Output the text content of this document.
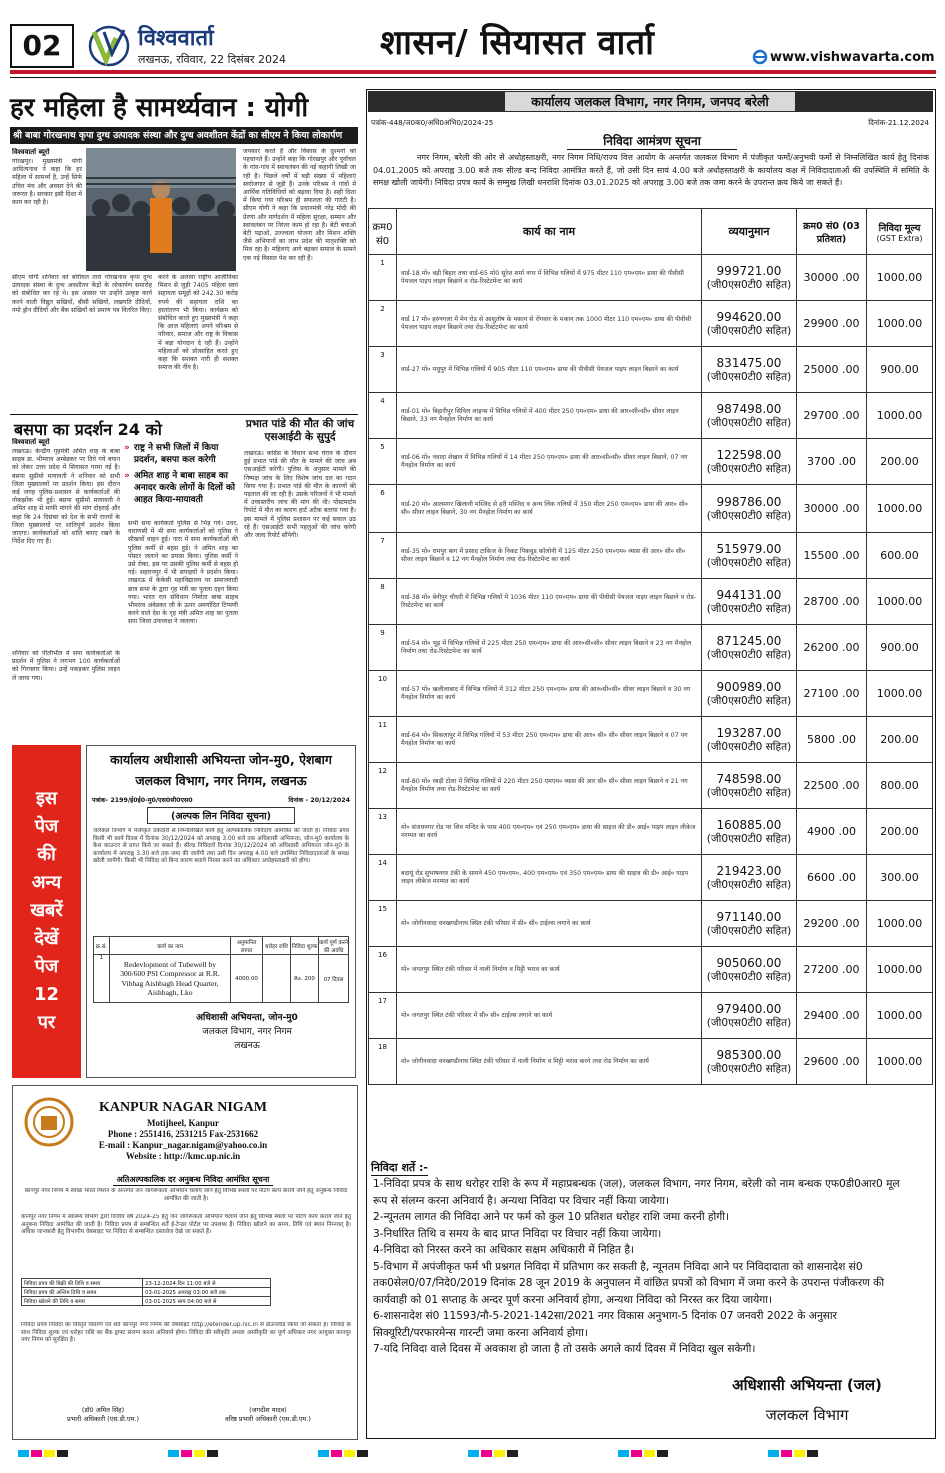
02	विश्ववार्ता
लखनऊ, रविवार, 22 दिसंबर 2024	शासन/ सियासत वार्ता	www.vishwavarta.com
हर महिला है सामर्थ्यवान : योगी
श्री बाबा गोरखनाथ कृपा दुग्ध उत्पादक संस्था और दुग्ध अवशीतन केंद्रों का सीएम ने किया लोकार्पण
विश्ववार्ता ब्यूरो
गोरखपुर। मुख्यमंत्री योगी आदित्यनाथ ने कहा कि हर महिला में सामर्थ्य है, उन्हें सिर्फ उचित मंच और अवसर देने की जरूरत है। सरकार इसी दिशा में काम कर रही है।
सीएम योगी शनिवार को बोरीयल तारा गोरखनाथ कृपा दुग्ध उत्पादक संस्था के दुग्ध अवशीतन केंद्रों के लोकार्पण समारोह को संबोधित कर रहे थे। इस अवसर पर उन्होंने उत्कृष्ट कार्य करने वाली विद्युत सखियों, बीसी सखियों, लखपति दीदियों, नमो ड्रोन दीदियों और बैंक सखियों को प्रमाण पत्र वितरित किए।
करने के अलावा राष्ट्रीय आजीविका मिशन से जुड़ी 7405 महिला स्वयं सहायता समूहों को 242.30 करोड़ रुपये की सहायता राशि का हस्तांतरण भी किया। कार्यक्रम को संबोधित करते हुए मुख्यमंत्री ने कहा कि आज महिलाएं अपने परिश्रम से परिवार, समाज और राष्ट्र के विकास में बड़ा योगदान दे रही हैं। उन्होंने महिलाओं को प्रोत्साहित करते हुए कहा कि सशक्त नारी ही सशक्त समाज की नींव है।
जयकार करते हैं और विकास के दुश्मनों को पहचानते हैं। उन्होंने कहा कि गोरखपुर और पूर्वांचल के गांव-गांव में स्वावलंबन की नई कहानी लिखी जा रही है। पिछले वर्षों में बड़ी संख्या में महिलाएं स्वरोजगार से जुड़ी हैं। उनके परिश्रम ने गांवों में आर्थिक गतिविधियों को बढ़ावा दिया है। सही दिशा में किया गया परिश्रम ही सफलता की गारंटी है। सीएम योगी ने कहा कि प्रधानमंत्री नरेंद्र मोदी की प्रेरणा और मार्गदर्शन में महिला सुरक्षा, सम्मान और स्वावलंबन पर निरंतर काम हो रहा है। बेटी बचाओ बेटी पढ़ाओ, उज्ज्वला योजना और मिशन शक्ति जैसे अभियानों का लाभ प्रदेश की मातृशक्ति को मिल रहा है। महिलाएं आगे बढ़कर समाज के सामने एक नई मिसाल पेश कर रही हैं।
बसपा का प्रदर्शन 24 को
» राष्ट्र ने सभी जिलों में किया प्रदर्शन, बसपा कल करेगी
» अमित शाह ने बाबा साहब का अनादर करके लोगों के दिलों को आहत किया-मायावती
विश्ववार्ता ब्यूरो
लखनऊ। केन्द्रीय गृहमंत्री अमित शाह के बाबा साहब डा. भीमराव अम्बेडकर पर दिये गये बयान को लेकर उत्तर प्रदेश में सियासत गरमा गई है। बसपा सुप्रीमो मायावती ने शनिवार को सभी जिला मुख्यालयों पर प्रदर्शन किया। इस दौरान कई जगह पुलिस-प्रशासन से कार्यकर्ताओं की नोकझोंक भी हुई। बसपा सुप्रीमो मायावती ने अमित शाह से माफी मांगने की मांग दोहराई और कहा कि 24 दिसंबर को देश के सभी राज्यों के जिला मुख्यालयों पर शांतिपूर्ण प्रदर्शन किया जाएगा। कार्यकर्ताओं को शांति बनाए रखने के निर्देश दिए गए हैं।
शनिवार को पीलीभीत में सपा कार्यकर्ताओं के प्रदर्शन में पुलिस ने लगभग 100 कार्यकर्ताओं को गिरफ्तार किया। उन्हें पकड़कर पुलिस लाइन ले जाया गया।
सभी सपा कार्यकर्ता पुलिस से भिड़ गये। उधर, वाराणसी में भी सपा कार्यकर्ताओं को पुलिस ने सीखचों वाहन हुई। नारा में सपा कार्यकर्ताओं की पुलिस कर्मी से बहस हुई। ने अमित शाह का पोस्टर जलाने का प्रयास किया। पुलिस कर्मी ने उसे रोका, इस पर उसकी पुलिस कर्मी से बहस हो गई। सहारनपुर में भी सपाइयों ने प्रदर्शन किया। लखनऊ में केकेसी महाविद्यालय पर समाजवादी छात्र सभा के द्वारा गृह मंत्री का पुतला दहन किया गया। भारत रत्न संविधान निर्माता बाबा साहब भीमराव अंबेडकर जी के ऊपर अमर्यादित टिप्पणी करने वाले देश के गृह मंत्री अमित शाह का पुतला सपा जिला उपाध्यक्ष ने जलाया।
प्रभात पांडे की मौत की जांच एसआईटी के सुपुर्द
लखनऊ। कांग्रेस के विधान सभा घेराव के दौरान हुई प्रभात पांडे की मौत के मामले की जांच अब एसआईटी करेगी। पुलिस के अनुसार मामले की निष्पक्ष जांच के लिए विशेष जांच दल का गठन किया गया है। प्रभात पांडे की मौत के कारणों की पड़ताल की जा रही है। उसके परिजनों ने भी मामले में उच्चस्तरीय जांच की मांग की थी। पोस्टमार्टम रिपोर्ट में मौत का कारण हार्ट अटैक बताया गया है। इस मामले में पुलिस प्रशासन पर कई सवाल उठ रहे हैं। एसआईटी सभी पहलुओं की जांच करेगी और जल्द रिपोर्ट सौंपेगी।
इस
पेज
की
अन्य
खबरें
देखें
पेज
12
पर
कार्यालय अधीशासी अभियन्ता जोन-मु0, ऐशबाग
जलकल विभाग, नगर निगम, लखनऊ
पत्रांक- 2199/ई0ई0-मु0/एस0सी0एस0	दिनांक - 20/12/2024
(अल्पक लिन निविदा सूचना)
जलकल विभाग में पंजीकृत ठेकेदारों से निम्नलिखित कार्य हेतु अल्पकालिक निविदायें आमंत्रित की जाती हैं। निविदा प्रपत्र किसी भी कार्य दिवस में दिनांक 30/12/2024 को अपराह्न 3.00 बजे तक अधिशासी अभियन्ता, जोन-मु0 कार्यालय के कैश काउन्टर से प्राप्त किये जा सकते हैं। सील्ड निविदायें दिनांक 30/12/2024 को अधिशासी अभियन्ता जोन-मु0 के कार्यालय में अपराह्न 3.30 बजे तक जमा की जायेंगी तथा उसी दिन अपराह्न 4.00 बजे उपस्थित निविदादाताओं के समक्ष खोली जायेंगी। किसी भी निविदा को बिना कारण बताये निरस्त करने का अधिकार अधोहस्ताक्षरी को होगा।
क्र.सं.	कार्य का नाम	अनुमानित लागत	धरोहर राशि	निविदा शुल्क	कार्य पूर्ण करने की अवधि
1	Redevlopment of Tubewell by 300/600 PSI Compressor at R.R. Vibhag Aishbagh Head Quarter, Aishbagh, Lko	4000.00		Rs. 200	07 दिवस
अधिशासी अभियन्ता, जोन-मु0
जलकल विभाग, नगर निगम
लखनऊ
KANPUR NAGAR NIGAM
Motijheel, Kanpur
Phone : 2551416, 2531215 Fax-2531662
E-mail : Kanpur_nagar.nigam@yahoo.co.in
Website : http://kmc.up.nic.in
अतिअल्पकालिक दर अनुबन्ध निविदा आमंत्रित सूचना
कानपुर नगर निगम में स्वच्छ भारत मिशन के अन्तर्गत जन जागरूकता अभियान चलाये जाने हेतु विभिन्न स्थलों पर पेंटिंग कार्य कराये जाने हेतु अनुबन्ध निविदा आमंत्रित की जाती है।
कानपुर नगर निगम में स्वास्थ्य विभाग द्वारा वित्तीय वर्ष 2024-25 हेतु जन जागरूकता अभियान चलाये जाने हेतु विभिन्न स्थलों पर पेंटिंग कार्य कराये जाने हेतु अनुबन्ध निविदा आमंत्रित की जाती है। निविदा प्रपत्र से सम्बन्धित शर्तें ई-टेन्डर पोर्टल पर उपलब्ध हैं। निविदा खोलने का समय, तिथि एवं स्थान निम्नवत् है। अधिक जानकारी हेतु विभागीय वेबसाइट पर निविदा से सम्बन्धित दस्तावेज देखे जा सकते हैं।
निविदा प्रपत्र की बिक्री की तिथि व समय	23-12-2024 दिन 11:00 बजे से
निविदा प्रपत्र की अन्तिम तिथि व समय	03-01-2025 अपराह्न 03:00 बजे तक
निविदा खोलने की तिथि व समय	03-01-2025 सायं 04:00 बजे से
निविदा प्रपत्र निविदा का विस्तृत विवरण एवं शर्तें कानपुर नगर निगम की वेबसाइट http://etender.up.nic.in से डाउनलोड किया जा सकता है। निविदा के साथ निविदा शुल्क एवं धरोहर राशि का बैंक ड्राफ्ट संलग्न करना अनिवार्य होगा। निविदा की स्वीकृति अथवा अस्वीकृति का पूर्ण अधिकार नगर आयुक्त कानपुर नगर निगम को सुरक्षित है।
(डॉ0 अमित सिंह)
प्रभारी अधिकारी (एस.डी.एम.)
(जगदीश यादव)
वरिष्ठ प्रभारी अधिकारी (एस.डी.एम.)
कार्यालय जलकल विभाग, नगर निगम, जनपद बरेली
पत्रांक-448/ज0क0/अधि0अभि0/2024-25	दिनांक-21.12.2024
निविदा आमंत्रण सूचना
नगर निगम, बरेली की ओर से अधोहस्ताक्षरी, नगर निगम निधि/राज्य वित्त आयोग के अन्तर्गत जलकल विभाग में पंजीकृत फर्मो/अनुभवी फर्मो से निम्नलिखित कार्य हेतु दिनांक 04.01.2005 को अपराह्न 3.00 बजे तक सील्ड बन्द निविदा आमंत्रित करते हैं, जो उसी दिन सायं 4.00 बजे अधोहस्ताक्षरी के कार्यालय कक्ष में निविदादाताओं की उपस्थिति में समिति के समक्ष खोली जायेगी। निविदा प्रपत्र कार्य के सम्मुख लिखी धनराशि दिनांक 03.01.2025 को अपराह्न 3.00 बजे तक जमा करने के उपरान्त क्रय किये जा सकते हैं।
क्रम0 सं0	कार्य का नाम	व्ययानुमान	क्रम0 सं0 (03 प्रतिशत)	निविदा मूल्य
(GST Extra)

1	वार्ड-18 मो० बड़ी बिहार तथा वार्ड-65 मो0 सुरेश शर्मा नगर में विभिन्न गलियों में 975 मीटर 110 एम०एम० डाया की पीवीसी पेयजल पाइप लाइन बिछाने व रोड-रिस्टेटमेन्ट का कार्य	999721.00
(जी0एस0टी0 सहित)	30000 .00	1000.00
2	वार्ड 17 मो० हरुनगला में मेन रोड से आशुतोष के मकान से रोंगवार के मकान तक 1000 मीटर 110 एम०एम० डाया की पीवीसी पेयजल पाइप लाइन बिछाने तथा रोड-रिस्टेटमेन्ट का कार्य	994620.00
(जी0एस0टी0 सहित)	29900 .00	1000.00
3	वार्ड-27 मो० मधुपुर में विभिन्न गलियों में 905 मीटर 110 एम०एम० डाया की पीवीसी पेयजल पाइप लाइन बिछाने का कार्य	831475.00
(जी0एस0टी0 सहित)	25000 .00	900.00
4	वार्ड-01 मो० बिहारीपुर सिविल लाइन्स में विभिन्न गलियों में 400 मीटर 250 एम०एम० डाया की आर०सी०सी० सीवर लाइन बिछाने, 33 नग मैनहोल निर्माण का कार्य	987498.00
(जी0एस0टी0 सहित)	29700 .00	1000.00
5	वार्ड-06 मो० नवादा शेखान में विभिन्न गलियों में 14 मीटर 250 एम०एम० डाया की आर०सी०सी० सीवर लाइन बिछाने, 07 नग मैनहोल निर्माण का कार्य	122598.00
(जी0एस0टी0 सहित)	3700 .00	200.00
6	वार्ड-20 मो० आलमगर खिलानी मस्जिद से हरी मस्जिद व अन्य लिंक गलियों में 350 मीटर 250 एम०एम० डाया की आर० सी० सी० सीवर लाइन बिछाने, 30 नग मैनहोल निर्माण का कार्य	998786.00
(जी0एस0टी0 सहित)	30000 .00	1000.00
7	वार्ड-35 मो० रामपुर बाग में प्रसाद टाकिज के निकट पिकवुड कॉलोनी में 125 मीटर 250 एम०एम० व्यास की आर० सी० सी० सीवर लाइन बिछाने व 12 नग मैनहोल निर्माण तथा रोड-रिस्टेटमेन्ट का कार्य	515979.00
(जी0एस0टी0 सहित)	15500 .00	600.00
8	वार्ड-38 मो० बेनीपुर चौधरी में विभिन्न गलियों में 1036 मीटर 110 एम०एम० डाया की पीवीसी पेयजल पाइप लाइन बिछाने व रोड-रिस्टेटमेन्ट का कार्य	944131.00
(जी0एस0टी0 सहित)	28700 .00	1000.00
9	वार्ड-54 मो० भूड़ में विभिन्न गलियों में 225 मीटर 250 एम०एम० डाया की आर०सी०सी० सीवर लाइन बिछाने व 23 नग मैनहोल निर्माण तथा रोड-रिस्टेटमेन्ट का कार्य	871245.00
(जी0एस0टी0 सहित)	26200 .00	900.00
10	वार्ड-57 मो० खलीलाबाद में विभिन्न गलियों में 312 मीटर 250 एम०एम० डाया की आर०सी०सी० सीवर लाइन बिछाने व 30 नग मैनहोल निर्माण का कार्य	900989.00
(जी0एस0टी0 सहित)	27100 .00	1000.00
11	वार्ड-64 मो० सिकलापुर में विभिन्न गलियों में 53 मीटर 250 एम०एम० डाया की आर० सी० सी० सीवर लाइन बिछाने व 07 नग मैनहोल निर्माण का कार्य	193287.00
(जी0एस0टी0 सहित)	5800 .00	200.00
12	वार्ड-80 मो० रबड़ी टोला में विभिन्न गलियों में 220 मीटर 250 एमएम० व्यास की आर सी० सी० सीवर लाइन बिछाने व 21 नग मैनहोल निर्माण तथा रोड-रिस्टेटमेन्ट का कार्य	748598.00
(जी0एस0टी0 सहित)	22500 .00	800.00
13	मो० संजयनगर रोड पर शिव मन्दिर के पास 400 एम०एम० एवं 250 एम०एम० डाया की साइज की डी० आई० पाइप लाइन लीकेज मरम्मत का कार्य	160885.00
(जी0एस0टी0 सहित)	4900 .00	200.00
14	बदायूं रोड सुभाषनगर टंकी के सामने 450 एम०एम०, 400 एम०एम० एवं 350 एम०एम० डाया की साइज की डी० आई० पाइप लाइन लीकेज मरम्मत का कार्य	219423.00
(जी0एस0टी0 सहित)	6600 .00	300.00
15	मो० जोगीनवादा वनखण्डीनाथ स्थित टंकी परिसर में सी० सी० टाईल्स लगाने का कार्य	971140.00
(जी0एस0टी0 सहित)	29200 .00	1000.00
16	मो० जगतपुर स्थित टंकी परिसर में नाली निर्माण व मिट्टी भराव का कार्य	905060.00
(जी0एस0टी0 सहित)	27200 .00	1000.00
17	मो० जगतपुर स्थित टंकी परिसर में सी० सी० टाईल्स लगाने का कार्य	979400.00
(जी0एस0टी0 सहित)	29400 .00	1000.00
18	मो० जोगीनवादा वनखण्डीनाथ स्थित टंकी परिसर में नाली निर्माण व मिट्टी भराव करने तथा रोड निर्माण का कार्य	985300.00
(जी0एस0टी0 सहित)	29600 .00	1000.00
निविदा शर्ते :-
1-निविदा प्रपत्र के साथ धरोहर राशि के रूप में महाप्रबन्धक (जल), जलकल विभाग, नगर निगम, बरेली को नाम बन्धक एफ0डी0आर0 मूल
रूप से संलग्न करना अनिवार्य है। अन्यथा निविदा पर विचार नहीं किया जायेगा।
2-न्यूनतम लागत की निविदा आने पर फर्म को कुल 10 प्रतिशत धरोहर राशि जमा करनी होगी।
3-निर्धारित तिथि व समय के बाद प्राप्त निविदा पर विचार नहीं किया जायेगा।
4-निविदा को निरस्त करने का अधिकार सक्षम अधिकारी में निहित है।
5-विभाग में अपंजीकृत फर्म भी प्रश्नगत निविदा में प्रतिभाग कर सकती है, न्यूनतम निविदा आने पर निविदादाता को शासनादेश सं0
तक0सेल0/07/निदे0/2019 दिनांक 28 जून 2019 के अनुपालन में वांछित प्रपत्रों को विभाग में जमा करने के उपरान्त पंजीकरण की
कार्यवाही को 01 सप्ताह के अन्दर पूर्ण करना अनिवार्य होगा, अन्यथा निविदा को निरस्त कर दिया जायेगा।
6-शासनादेश सं0 11593/नौ-5-2021-142सा/2021 नगर विकास अनुभाग-5 दिनांक 07 जनवरी 2022 के अनुसार
सिक्यूरिटी/परफारमेन्स गारन्टी जमा करना अनिवार्य होगा।
7-यदि निविदा वाले दिवस में अवकाश हो जाता है तो उसके अगले कार्य दिवस में निविदा खुल सकेगी।
अधिशासी अभियन्ता (जल)
जलकल विभाग
